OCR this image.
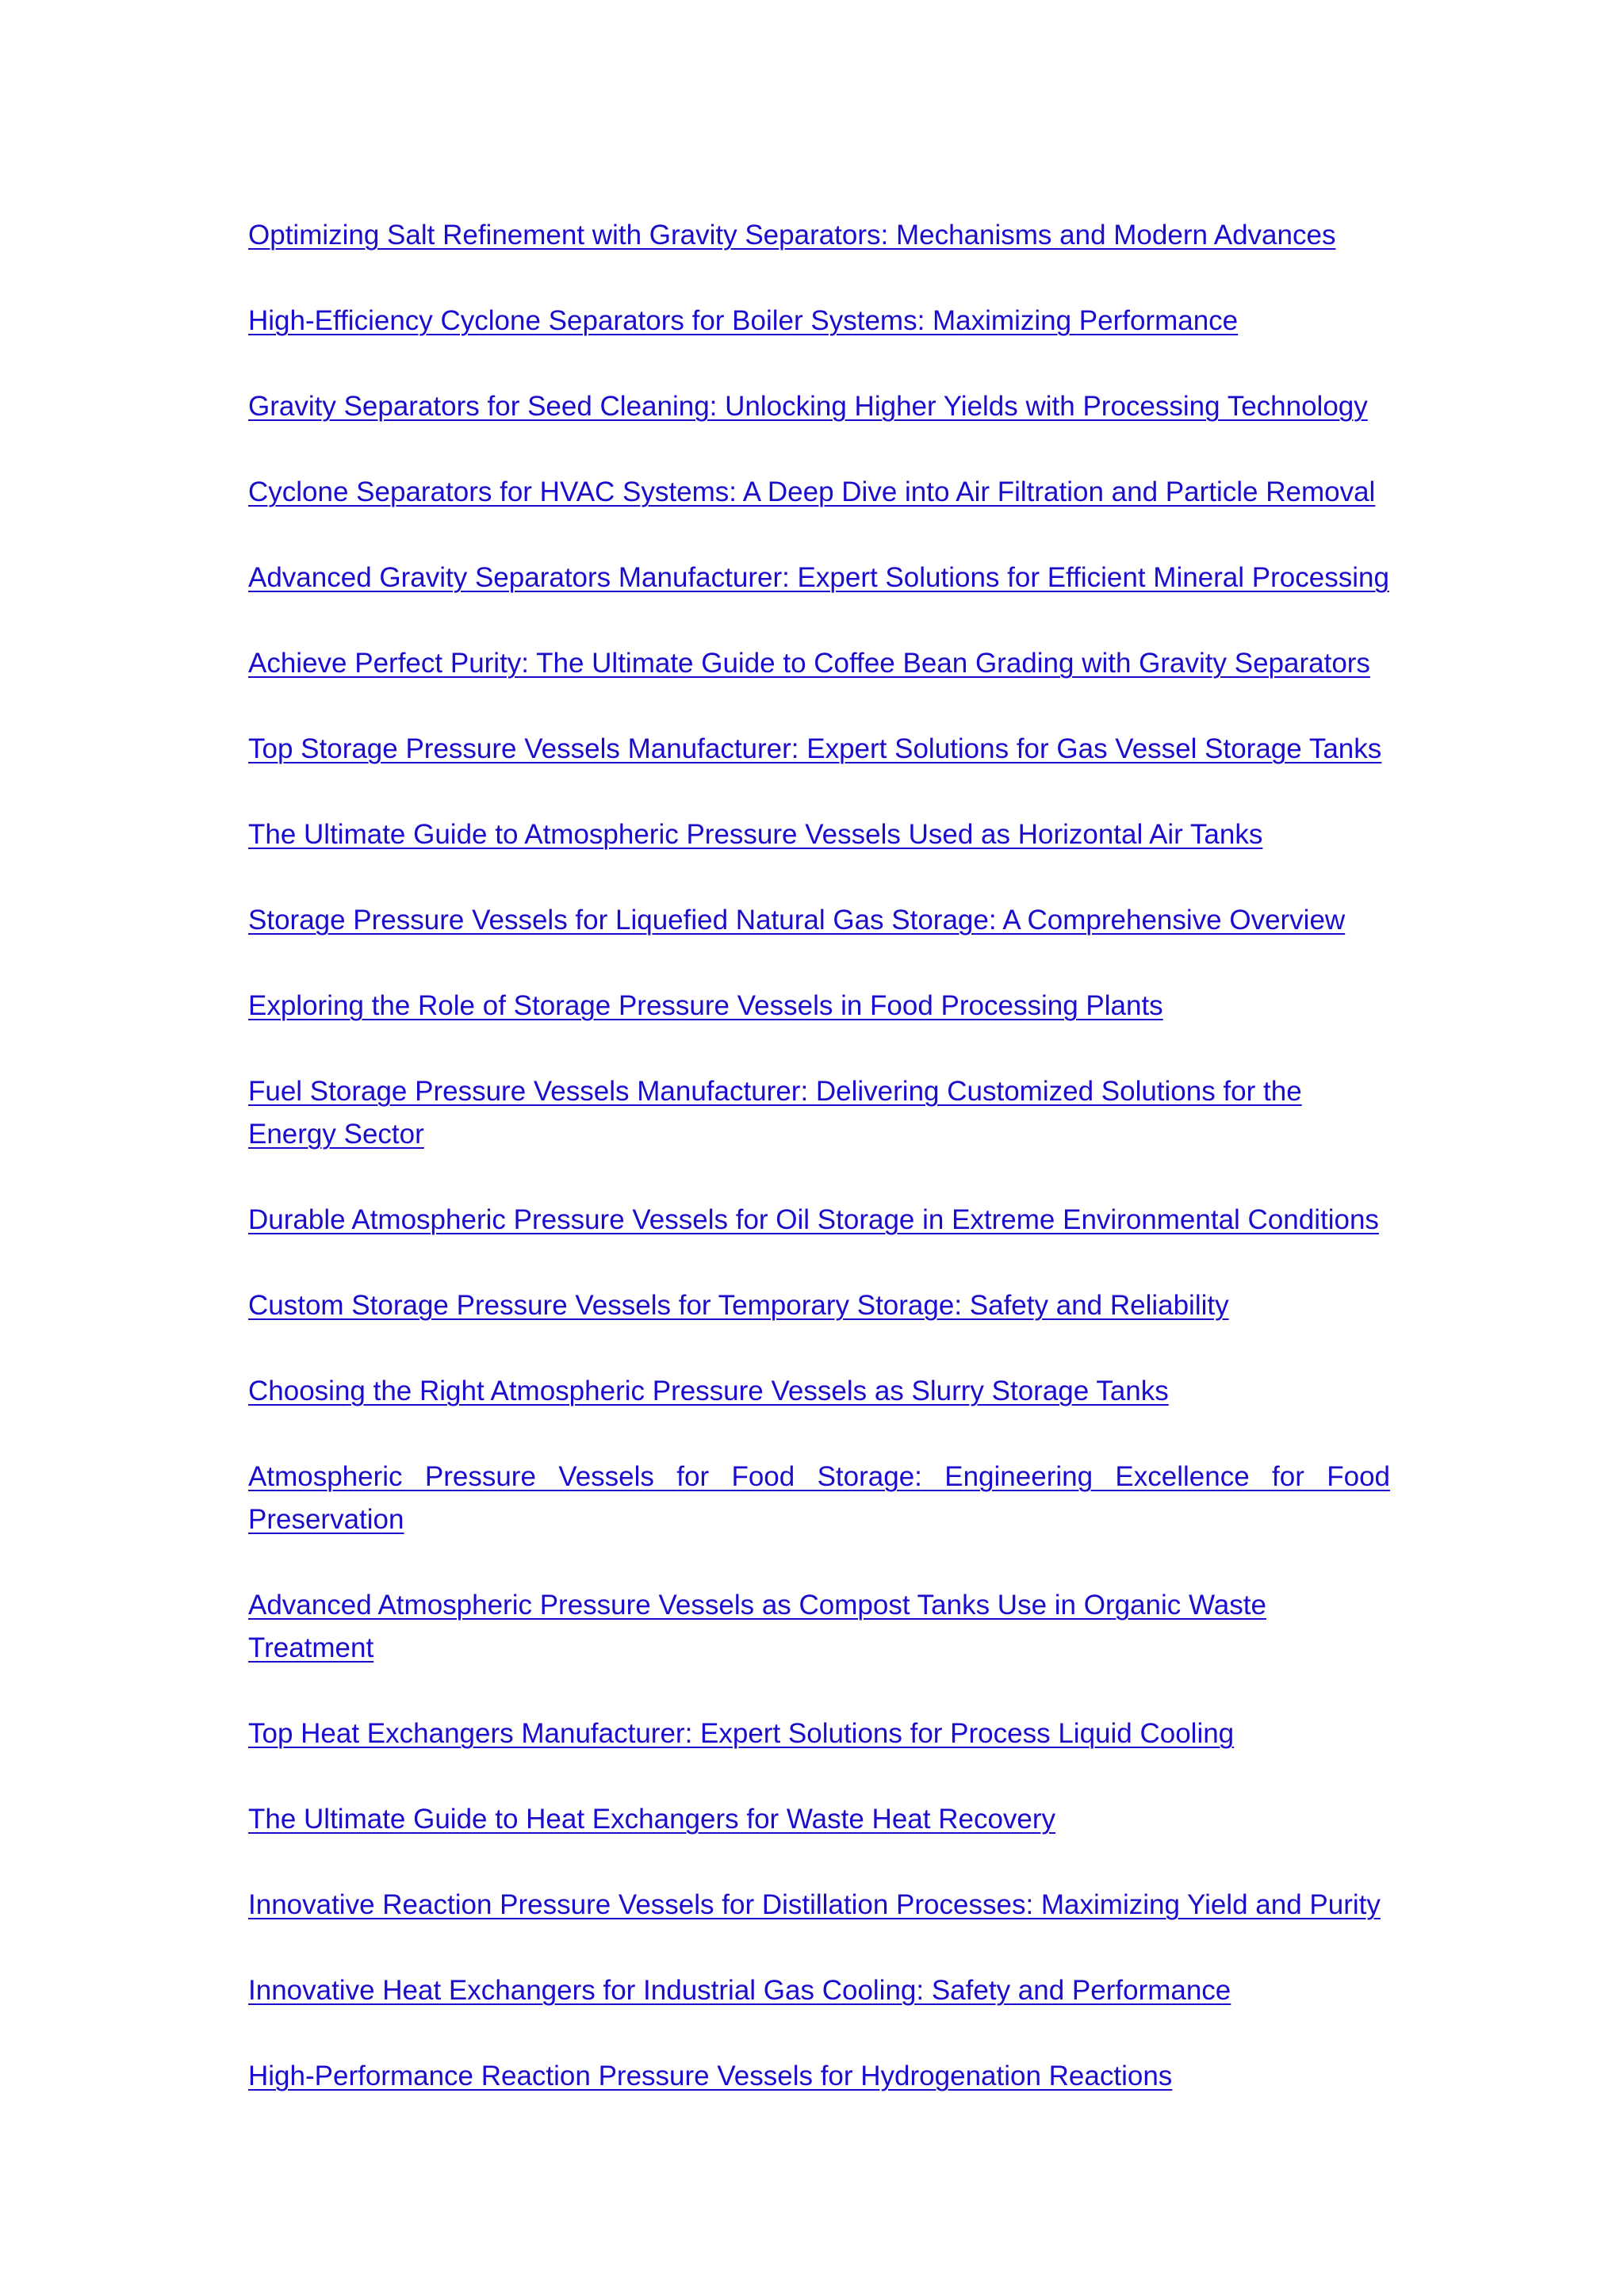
Optimizing Salt Refinement with Gravity Separators: Mechanisms and Modern Advances
High-Efficiency Cyclone Separators for Boiler Systems: Maximizing Performance
Gravity Separators for Seed Cleaning: Unlocking Higher Yields with Processing Technology
Cyclone Separators for HVAC Systems: A Deep Dive into Air Filtration and Particle Removal
Advanced Gravity Separators Manufacturer: Expert Solutions for Efficient Mineral Processing
Achieve Perfect Purity: The Ultimate Guide to Coffee Bean Grading with Gravity Separators
Top Storage Pressure Vessels Manufacturer: Expert Solutions for Gas Vessel Storage Tanks
The Ultimate Guide to Atmospheric Pressure Vessels Used as Horizontal Air Tanks
Storage Pressure Vessels for Liquefied Natural Gas Storage: A Comprehensive Overview
Exploring the Role of Storage Pressure Vessels in Food Processing Plants
Fuel Storage Pressure Vessels Manufacturer: Delivering Customized Solutions for the Energy Sector
Durable Atmospheric Pressure Vessels for Oil Storage in Extreme Environmental Conditions
Custom Storage Pressure Vessels for Temporary Storage: Safety and Reliability
Choosing the Right Atmospheric Pressure Vessels as Slurry Storage Tanks
Atmospheric Pressure Vessels for Food Storage: Engineering Excellence for Food Preservation
Advanced Atmospheric Pressure Vessels as Compost Tanks Use in Organic Waste Treatment
Top Heat Exchangers Manufacturer: Expert Solutions for Process Liquid Cooling
The Ultimate Guide to Heat Exchangers for Waste Heat Recovery
Innovative Reaction Pressure Vessels for Distillation Processes: Maximizing Yield and Purity
Innovative Heat Exchangers for Industrial Gas Cooling: Safety and Performance
High-Performance Reaction Pressure Vessels for Hydrogenation Reactions
